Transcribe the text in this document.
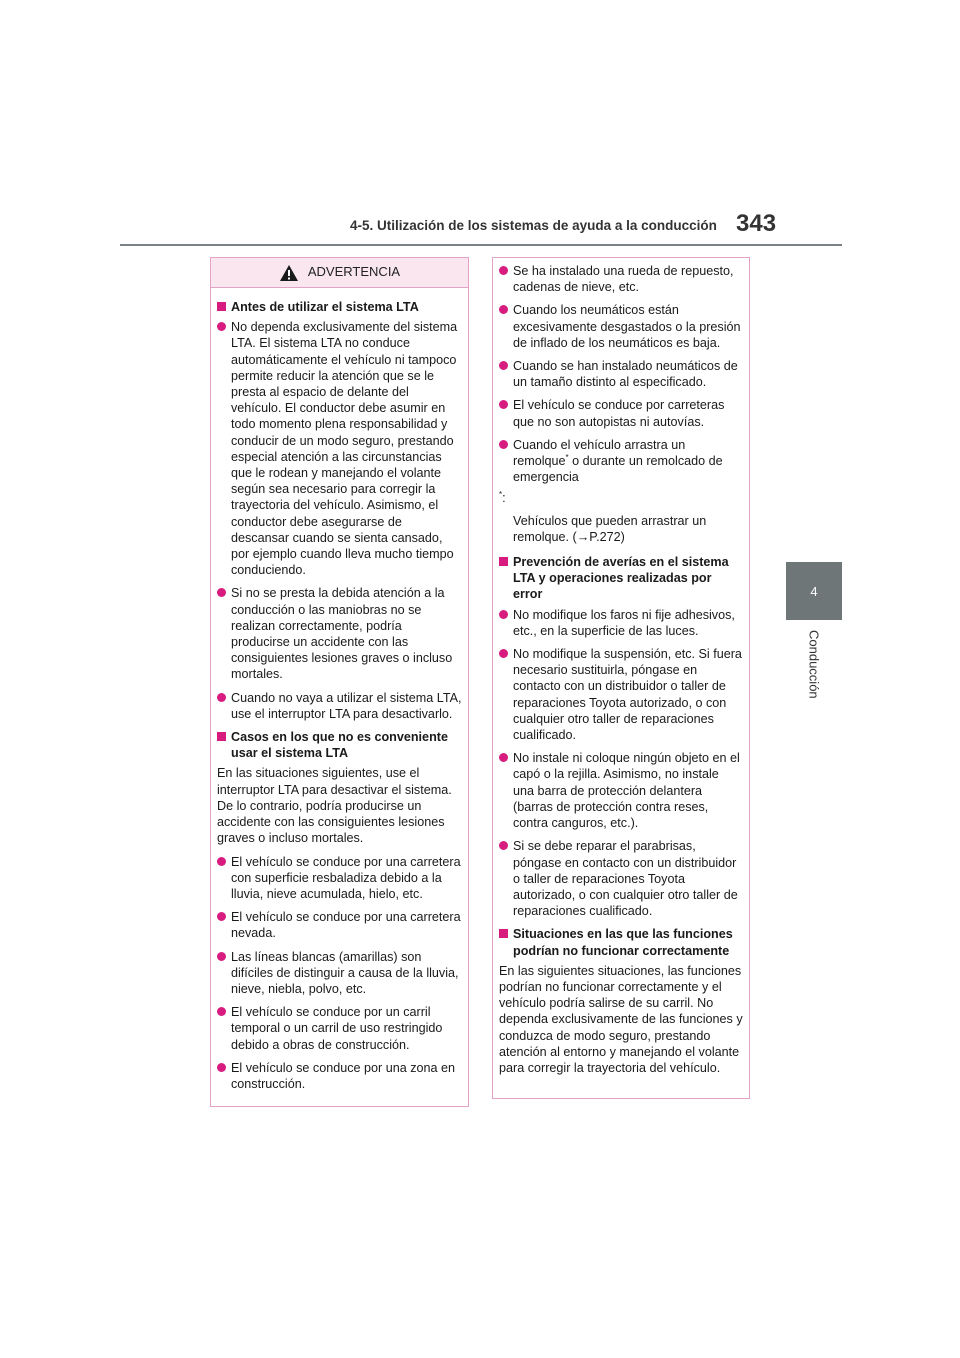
4-5. Utilización de los sistemas de ayuda a la conducción 343
4
Conducción
ADVERTENCIA
Antes de utilizar el sistema LTA
No dependa exclusivamente del sistema LTA. El sistema LTA no conduce automáticamente el vehículo ni tampoco permite reducir la atención que se le presta al espacio de delante del vehículo. El conductor debe asumir en todo momento plena responsabilidad y conducir de un modo seguro, prestando especial atención a las circunstancias que le rodean y manejando el volante según sea necesario para corregir la trayectoria del vehículo. Asimismo, el conductor debe asegurarse de descansar cuando se sienta cansado, por ejemplo cuando lleva mucho tiempo conduciendo.
Si no se presta la debida atención a la conducción o las maniobras no se realizan correctamente, podría producirse un accidente con las consiguientes lesiones graves o incluso mortales.
Cuando no vaya a utilizar el sistema LTA, use el interruptor LTA para desactivarlo.
Casos en los que no es conveniente usar el sistema LTA
En las situaciones siguientes, use el interruptor LTA para desactivar el sistema. De lo contrario, podría producirse un accidente con las consiguientes lesiones graves o incluso mortales.
El vehículo se conduce por una carretera con superficie resbaladiza debido a la lluvia, nieve acumulada, hielo, etc.
El vehículo se conduce por una carretera nevada.
Las líneas blancas (amarillas) son difíciles de distinguir a causa de la lluvia, nieve, niebla, polvo, etc.
El vehículo se conduce por un carril temporal o un carril de uso restringido debido a obras de construcción.
El vehículo se conduce por una zona en construcción.
Se ha instalado una rueda de repuesto, cadenas de nieve, etc.
Cuando los neumáticos están excesivamente desgastados o la presión de inflado de los neumáticos es baja.
Cuando se han instalado neumáticos de un tamaño distinto al especificado.
El vehículo se conduce por carreteras que no son autopistas ni autovías.
Cuando el vehículo arrastra un remolque* o durante un remolcado de emergencia
*:
Vehículos que pueden arrastrar un remolque. (→P.272)
Prevención de averías en el sistema LTA y operaciones realizadas por error
No modifique los faros ni fije adhesivos, etc., en la superficie de las luces.
No modifique la suspensión, etc. Si fuera necesario sustituirla, póngase en contacto con un distribuidor o taller de reparaciones Toyota autorizado, o con cualquier otro taller de reparaciones cualificado.
No instale ni coloque ningún objeto en el capó o la rejilla. Asimismo, no instale una barra de protección delantera (barras de protección contra reses, contra canguros, etc.).
Si se debe reparar el parabrisas, póngase en contacto con un distribuidor o taller de reparaciones Toyota autorizado, o con cualquier otro taller de reparaciones cualificado.
Situaciones en las que las funciones podrían no funcionar correctamente
En las siguientes situaciones, las funciones podrían no funcionar correctamente y el vehículo podría salirse de su carril. No dependa exclusivamente de las funciones y conduzca de modo seguro, prestando atención al entorno y manejando el volante para corregir la trayectoria del vehículo.
